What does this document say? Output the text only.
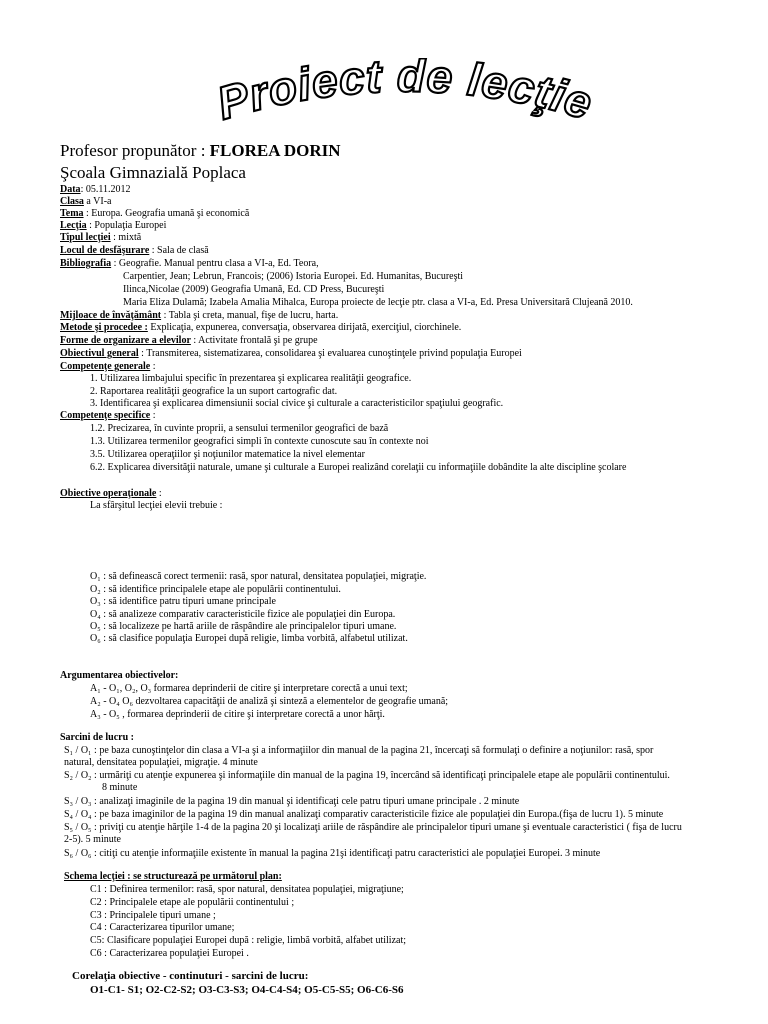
Proiect de lecţie
Profesor propunător : FLOREA DORIN
Şcoala Gimnazială Poplaca
Data: 05.11.2012
Clasa a VI-a
Tema : Europa. Geografia umană şi economică
Lecţia : Populaţia Europei
Tipul lecţiei : mixtă
Locul de desfăşurare : Sala de clasă
Bibliografia : Geografie. Manual pentru clasa a VI-a, Ed. Teora,
Carpentier, Jean; Lebrun, Francois; (2006) Istoria Europei. Ed. Humanitas, Bucureşti
Ilinca,Nicolae (2009) Geografia Umană, Ed. CD Press, Bucureşti
Maria Eliza Dulamă; Izabela Amalia Mihalca, Europa proiecte de lecţie ptr. clasa a VI-a, Ed. Presa Universitară Clujeană 2010.
Mijloace de învăţământ : Tabla şi creta, manual, fişe de lucru, harta.
Metode şi procedee : Explicaţia, expunerea, conversaţia, observarea dirijată, exerciţiul, ciorchinele.
Forme de organizare a elevilor : Activitate frontală şi pe grupe
Obiectivul general : Transmiterea, sistematizarea, consolidarea şi evaluarea cunoştinţele privind populaţia Europei
Competenţe generale :
1. Utilizarea limbajului specific în prezentarea şi explicarea realităţii geografice.
2. Raportarea realităţii geografice la un suport cartografic dat.
3. Identificarea şi explicarea dimensiunii social civice şi culturale a caracteristicilor spaţiului geografic.
Competenţe specifice :
1.2. Precizarea, în cuvinte proprii, a sensului termenilor geografici de bază
1.3. Utilizarea termenilor geografici simpli în contexte cunoscute sau în contexte noi
3.5. Utilizarea operaţiilor şi noţiunilor matematice la nivel elementar
6.2. Explicarea diversităţii naturale, umane şi culturale a Europei realizând corelaţii cu informaţiile dobândite la alte discipline şcolare
Obiective operaţionale :
La sfârşitul lecţiei elevii trebuie :
O₁ : să definească corect termenii: rasă, spor natural, densitatea populaţiei, migraţie.
O₂ : să identifice principalele etape ale populării continentului.
O₃ : să identifice patru tipuri umane principale
O₄ : să analizeze comparativ caracteristicile fizice ale populaţiei din Europa.
O₅ : să localizeze pe hartă ariile de răspândire ale principalelor tipuri umane.
O₆ : să clasifice populaţia Europei după religie, limba vorbită, alfabetul utilizat.
Argumentarea obiectivelor:
A₁ - O₁, O₂, O₃ formarea deprinderii de citire şi interpretare corectă a unui text;
A₂ - O₄ O₆ dezvoltarea capacităţii de analiză şi sinteză a elementelor de geografie umană;
A₃ - O₅ , formarea deprinderii de citire şi interpretare corectă a unor hărţi.
Sarcini de lucru :
S₁ / O₁ : pe baza cunoştinţelor din clasa a VI-a şi a informaţiilor din manual de la pagina 21, încercaţi să formulaţi o definire a noţiunilor: rasă, spor
natural, densitatea populaţiei, migraţie. 4 minute
S₂ / O₂ : urmăriţi cu atenţie expunerea şi informaţiile din manual de la pagina 19, încercând să identificaţi principalele etape ale populării continentului.
8 minute
S₃ / O₃ : analizaţi imaginile de la pagina 19 din manual şi identificaţi cele patru tipuri umane principale . 2 minute
S₄ / O₄ : pe baza imaginilor de la pagina 19 din manual analizaţi comparativ caracteristicile fizice ale populaţiei din Europa.(fişa de lucru 1). 5 minute
S₅ / O₅ : priviţi cu atenţie hărţile 1-4 de la pagina 20 şi localizaţi ariile de răspândire ale principalelor tipuri umane şi eventuale caracteristici ( fişa de lucru
2-5). 5 minute
S₆ / O₆ : citiţi cu atenţie informaţiile existente în manual la pagina 21şi identificaţi patru caracteristici ale populaţiei Europei. 3 minute
Schema lecţiei : se structurează pe următorul plan:
C1 : Definirea termenilor: rasă, spor natural, densitatea populaţiei, migraţiune;
C2 : Principalele etape ale populării continentului ;
C3 : Principalele tipuri umane ;
C4 : Caracterizarea tipurilor umane;
C5: Clasificare populaţiei Europei după : religie, limbă vorbită, alfabet utilizat;
C6 : Caracterizarea populaţiei Europei .
Corelaţia obiective - continuturi - sarcini de lucru:
O1-C1- S1; O2-C2-S2; O3-C3-S3; O4-C4-S4; O5-C5-S5; O6-C6-S6
